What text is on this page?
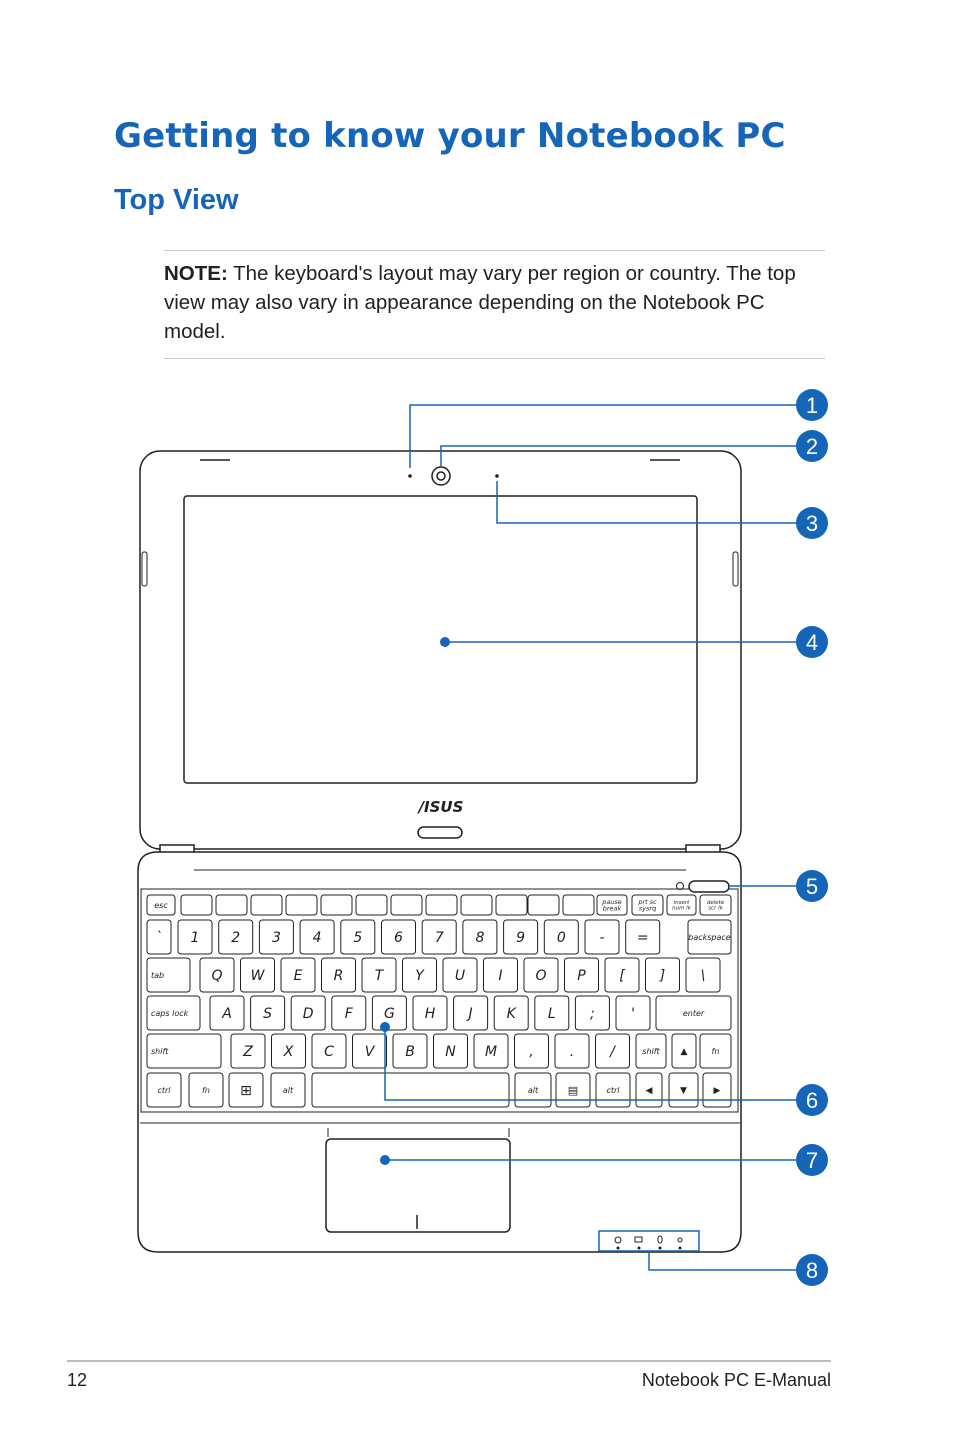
Getting to know your Notebook PC
Top View

NOTE: The keyboard's layout may vary per region or country. The top view may also vary in appearance depending on the Notebook PC model.

/ISUS
esc	pause
break
prt sc
sysrq
insert
num lk
delete
scr lk
` 1 2 3 4 5 6 7 8 9 0 - =	backspace
tab	Q W E R T Y U I O P [	]	\
caps lock A S D F G H J K L ;	'	enter
shift	Z X C V B N M ,	.	/	shift ▲	fn
ctrl	fn ⊞	alt	alt	▤	ctrl	◀	▼	▶
1
2
3
4
5
6
7
8
12	Notebook PC E-Manual
